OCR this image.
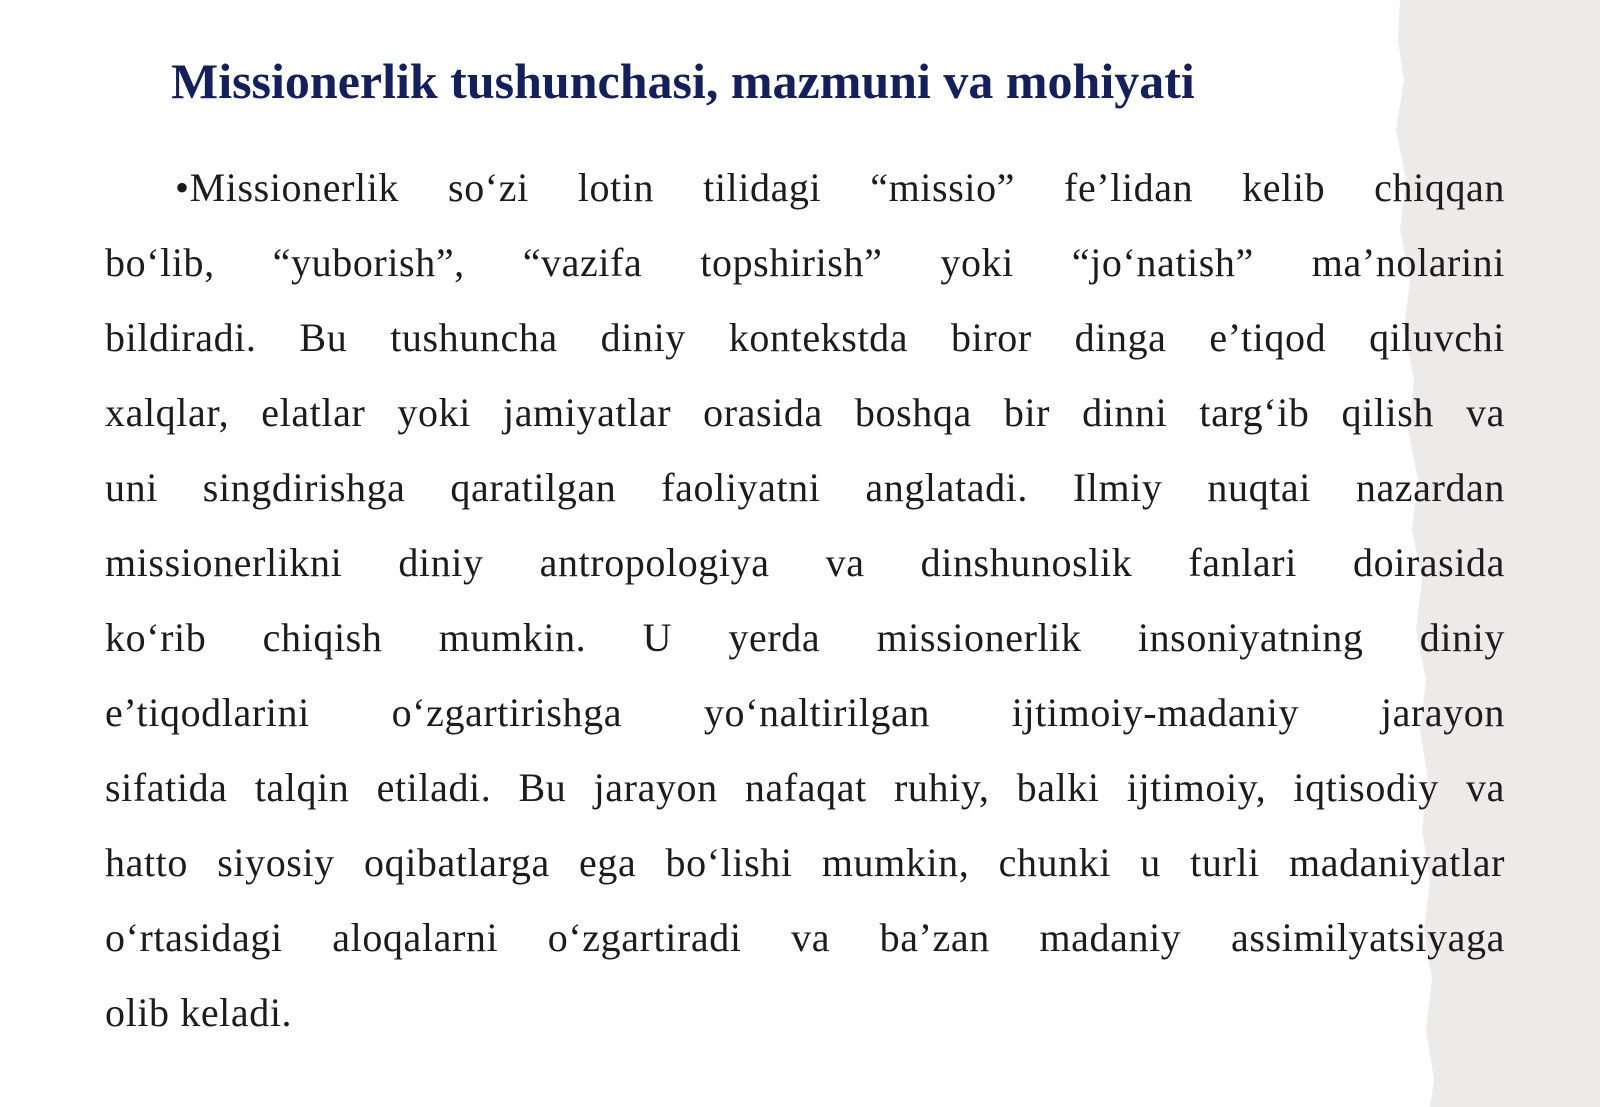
Missionerlik tushunchasi, mazmuni va mohiyati
•Missionerlik so‘zi lotin tilidagi “missio” fe’lidan kelib chiqqan
bo‘lib, “yuborish”, “vazifa topshirish” yoki “jo‘natish” ma’nolarini
bildiradi. Bu tushuncha diniy kontekstda biror dinga e’tiqod qiluvchi
xalqlar, elatlar yoki jamiyatlar orasida boshqa bir dinni targ‘ib qilish va
uni singdirishga qaratilgan faoliyatni anglatadi. Ilmiy nuqtai nazardan
missionerlikni diniy antropologiya va dinshunoslik fanlari doirasida
ko‘rib chiqish mumkin. U yerda missionerlik insoniyatning diniy
e’tiqodlarini o‘zgartirishga yo‘naltirilgan ijtimoiy-madaniy jarayon
sifatida talqin etiladi. Bu jarayon nafaqat ruhiy, balki ijtimoiy, iqtisodiy va
hatto siyosiy oqibatlarga ega bo‘lishi mumkin, chunki u turli madaniyatlar
o‘rtasidagi aloqalarni o‘zgartiradi va ba’zan madaniy assimilyatsiyaga
olib keladi.
